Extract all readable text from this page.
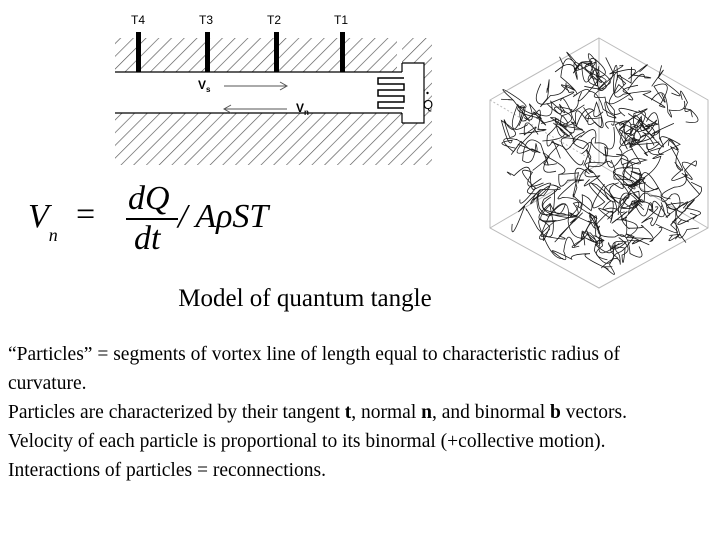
T4	T3	T2	T1
$V_s$
$V_n$
Q
$V_n$
= dQ
dt
/ AρST
Model of quantum tangle

“Particles” = segments of vortex line of length equal to characteristic radius of curvature.

Particles are characterized by their tangent t, normal n, and binormal b vectors.

Velocity of each particle is proportional to its binormal (+collective motion).

Interactions of particles = reconnections.
